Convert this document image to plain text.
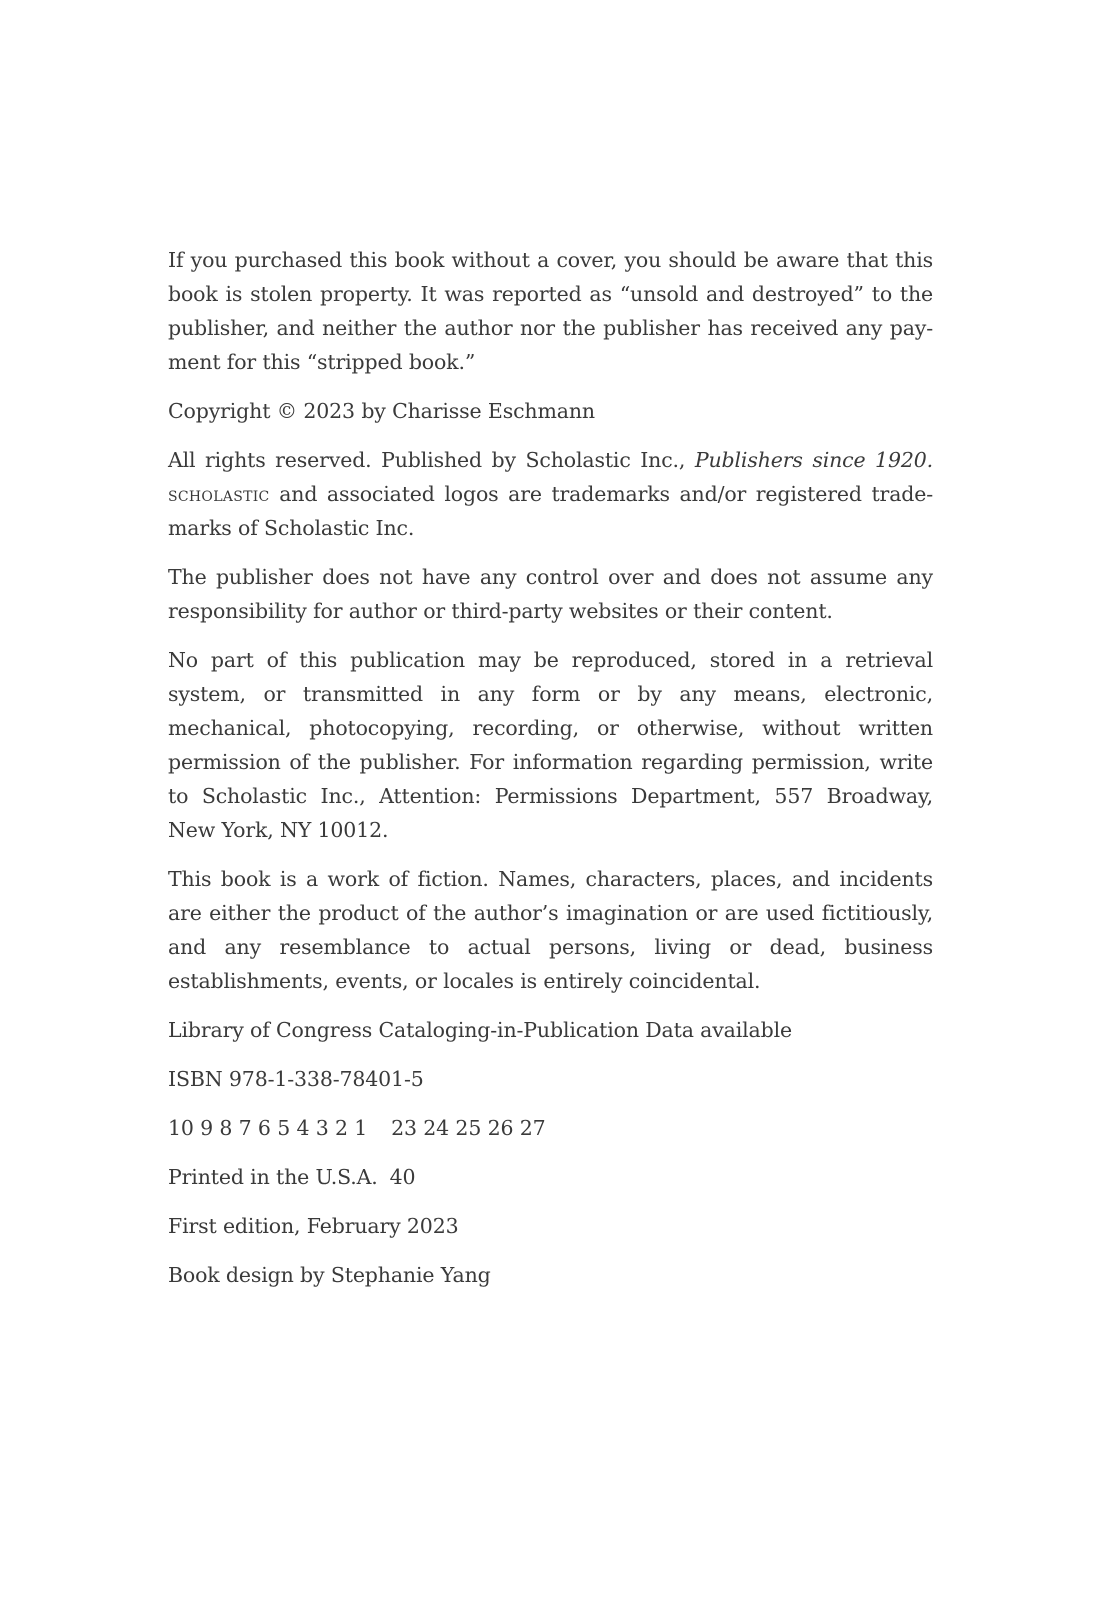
If you purchased this book without a cover, you should be aware that this book is stolen property. It was reported as “unsold and destroyed” to the publisher, and neither the author nor the publisher has received any pay-ment for this “stripped book.”

Copyright © 2023 by Charisse Eschmann

All rights reserved. Published by Scholastic Inc., Publishers since 1920. scholastic and associated logos are trademarks and/or registered trade-marks of Scholastic Inc.

The publisher does not have any control over and does not assume any responsibility for author or third-party websites or their content.

No part of this publication may be reproduced, stored in a retrieval system, or transmitted in any form or by any means, electronic, mechanical, photocopying, recording, or otherwise, without written permission of the publisher. For information regarding permission, write to Scholastic Inc., Attention: Permissions Department, 557 Broadway, New York, NY 10012.

This book is a work of fiction. Names, characters, places, and incidents are either the product of the author’s imagination or are used fictitiously, and any resemblance to actual persons, living or dead, business establishments, events, or locales is entirely coincidental.

Library of Congress Cataloging-in-Publication Data available

ISBN 978-1-338-78401-5

10 9 8 7 6 5 4 3 2 1 23 24 25 26 27

Printed in the U.S.A. 40

First edition, February 2023

Book design by Stephanie Yang
